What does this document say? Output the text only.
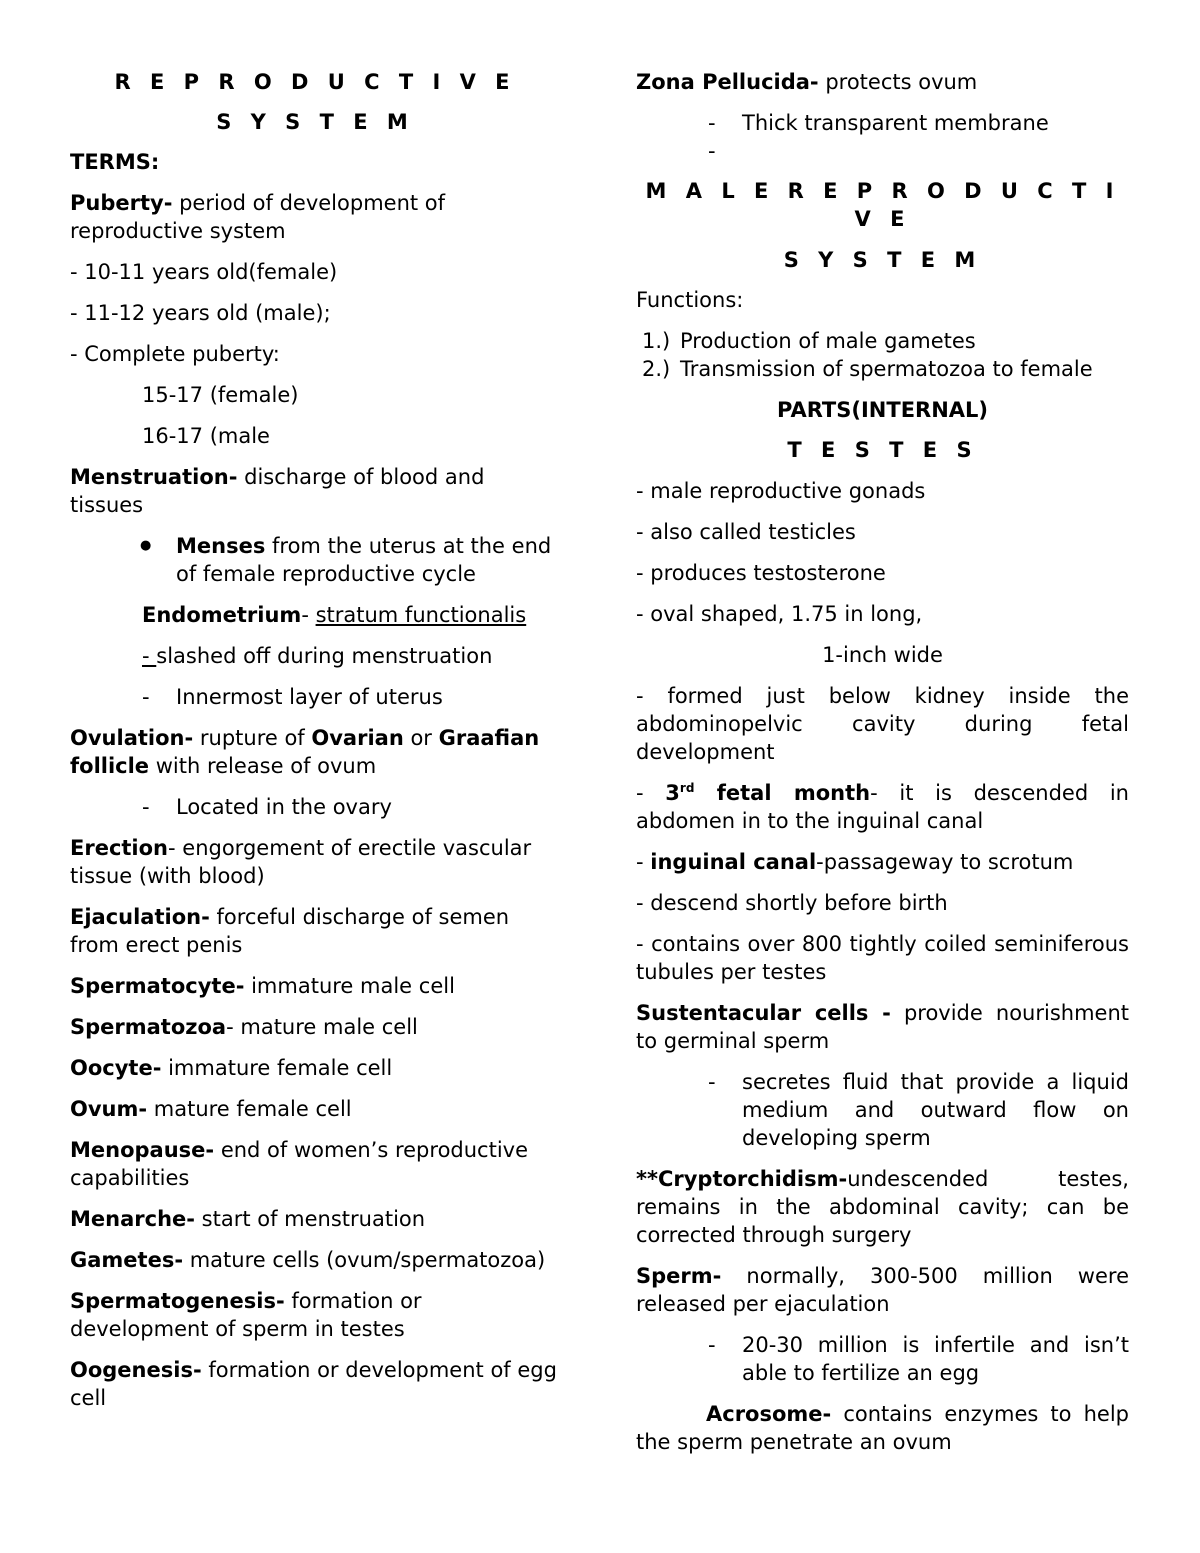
R E P R O D U C T I V E

S Y S T E M

TERMS:

Puberty- period of development of reproductive system

- 10-11 years old(female)

- 11-12 years old (male);

- Complete puberty:

15-17 (female)

16-17 (male

Menstruation- discharge of blood and tissues

● Menses from the uterus at the end of female reproductive cycle

Endometrium- stratum functionalis

- slashed off during menstruation

- Innermost layer of uterus

Ovulation- rupture of Ovarian or Graafian follicle with release of ovum

- Located in the ovary

Erection- engorgement of erectile vascular tissue (with blood)

Ejaculation- forceful discharge of semen from erect penis

Spermatocyte- immature male cell

Spermatozoa- mature male cell

Oocyte- immature female cell

Ovum- mature female cell

Menopause- end of women’s reproductive capabilities

Menarche- start of menstruation

Gametes- mature cells (ovum/spermatozoa)

Spermatogenesis- formation or development of sperm in testes

Oogenesis- formation or development of egg cell

Zona Pellucida- protects ovum

- Thick transparent membrane

-

M A L E R E P R O D U C T I V E

S Y S T E M

Functions:

1.) Production of male gametes

2.) Transmission of spermatozoa to female

PARTS(INTERNAL)

T E S T E S

- male reproductive gonads

- also called testicles

- produces testosterone

- oval shaped, 1.75 in long,

1-inch wide

- formed just below kidney inside the abdominopelvic cavity during fetal development

- 3rd fetal month- it is descended in abdomen in to the inguinal canal

- inguinal canal-passageway to scrotum

- descend shortly before birth

- contains over 800 tightly coiled seminiferous tubules per testes

Sustentacular cells - provide nourishment to germinal sperm

- secretes fluid that provide a liquid medium and outward flow on developing sperm

**Cryptorchidism-undescended testes, remains in the abdominal cavity; can be corrected through surgery

Sperm- normally, 300-500 million were released per ejaculation

- 20-30 million is infertile and isn’t able to fertilize an egg

Acrosome- contains enzymes to help the sperm penetrate an ovum
